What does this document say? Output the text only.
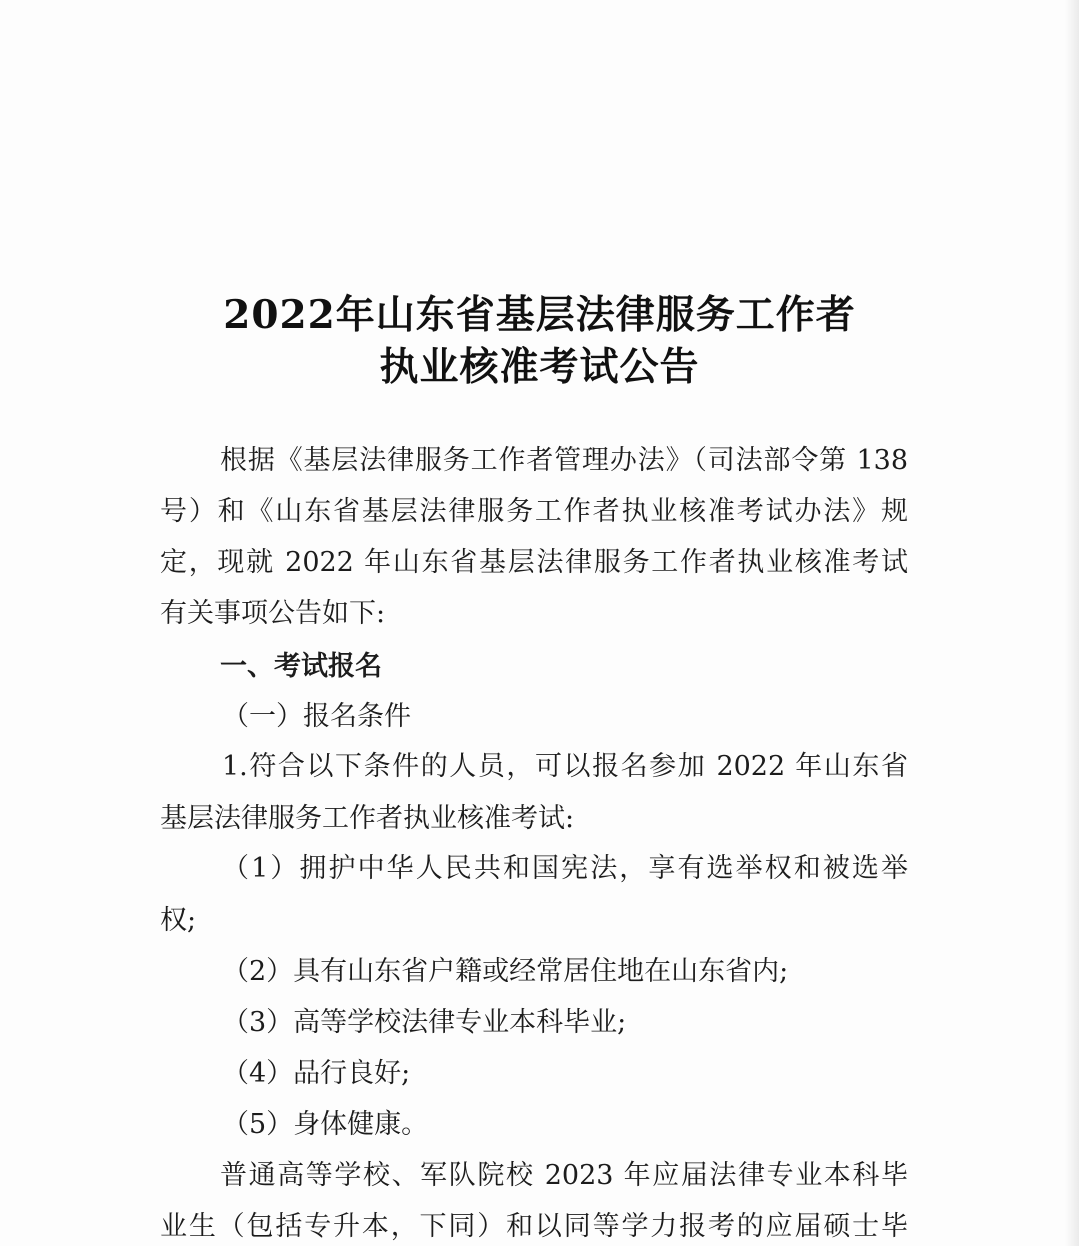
2022年山东省基层法律服务工作者
执业核准考试公告
根据《基层法律服务工作者管理办法》（司法部令第 138
号）和《山东省基层法律服务工作者执业核准考试办法》规
定，现就 2022 年山东省基层法律服务工作者执业核准考试
有关事项公告如下:
一、考试报名
（一）报名条件
1.符合以下条件的人员，可以报名参加 2022 年山东省
基层法律服务工作者执业核准考试:
（1）拥护中华人民共和国宪法，享有选举权和被选举
权;
（2）具有山东省户籍或经常居住地在山东省内;
（3）高等学校法律专业本科毕业;
（4）品行良好;
（5）身体健康。
普通高等学校、军队院校 2023 年应届法律专业本科毕
业生（包括专升本，下同）和以同等学力报考的应届硕士毕
